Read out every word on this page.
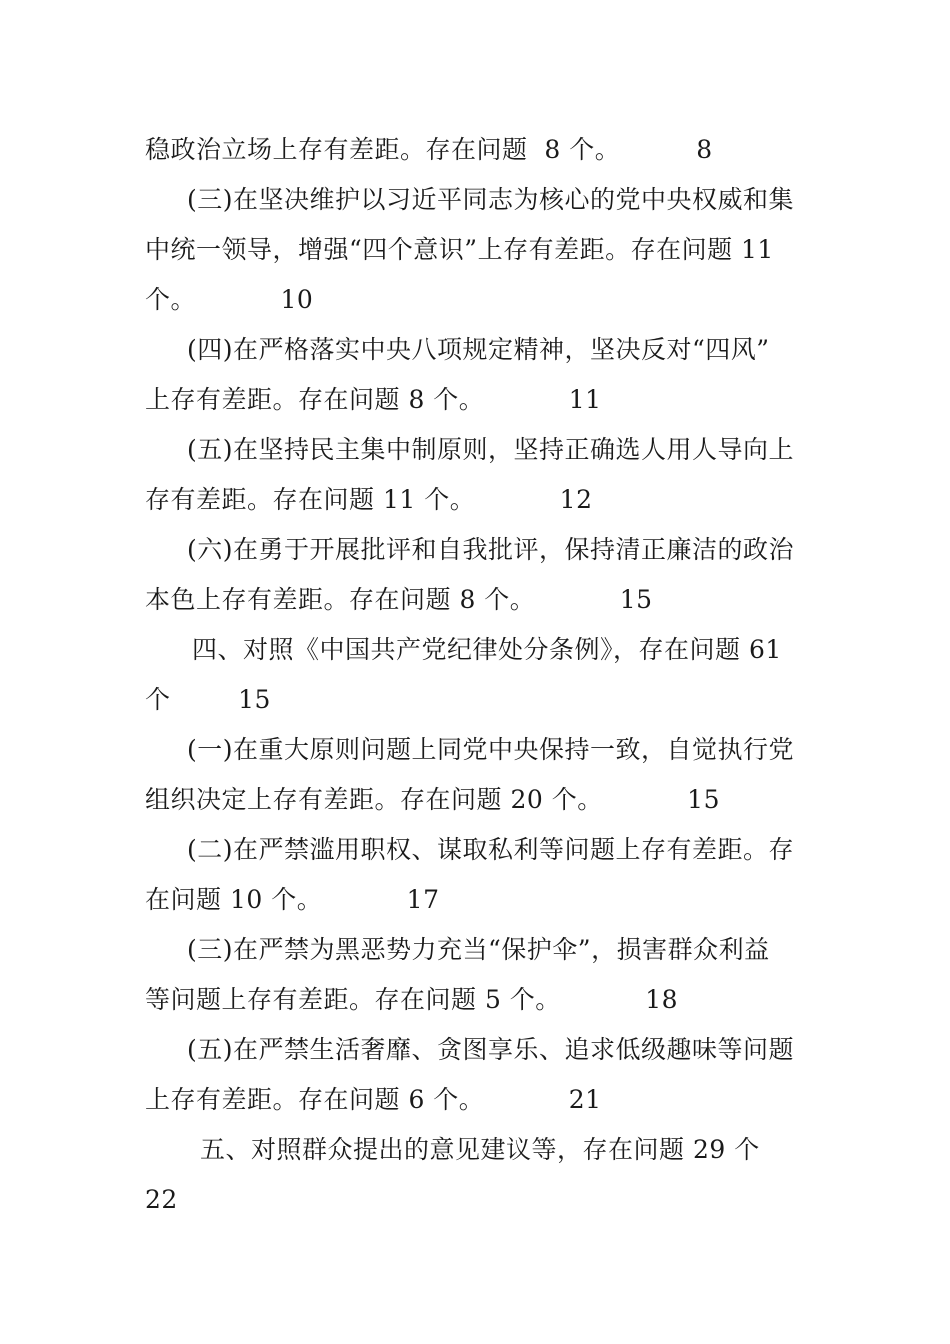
稳政治立场上存有差距。存在问题  8 个。         8
(三)在坚决维护以习近平同志为核心的党中央权威和集
中统一领导，增强“四个意识”上存有差距。存在问题 11
个。          10
(四)在严格落实中央八项规定精神，坚决反对“四风”
上存有差距。存在问题 8 个。          11
(五)在坚持民主集中制原则，坚持正确选人用人导向上
存有差距。存在问题 11 个。          12
(六)在勇于开展批评和自我批评，保持清正廉洁的政治
本色上存有差距。存在问题 8 个。          15
四、对照《中国共产党纪律处分条例》，存在问题 61
个        15
(一)在重大原则问题上同党中央保持一致，自觉执行党
组织决定上存有差距。存在问题 20 个。          15
(二)在严禁滥用职权、谋取私利等问题上存有差距。存
在问题 10 个。          17
(三)在严禁为黑恶势力充当“保护伞”，损害群众利益
等问题上存有差距。存在问题 5 个。          18
(五)在严禁生活奢靡、贪图享乐、追求低级趣味等问题
上存有差距。存在问题 6 个。          21
五、对照群众提出的意见建议等，存在问题 29 个
22
